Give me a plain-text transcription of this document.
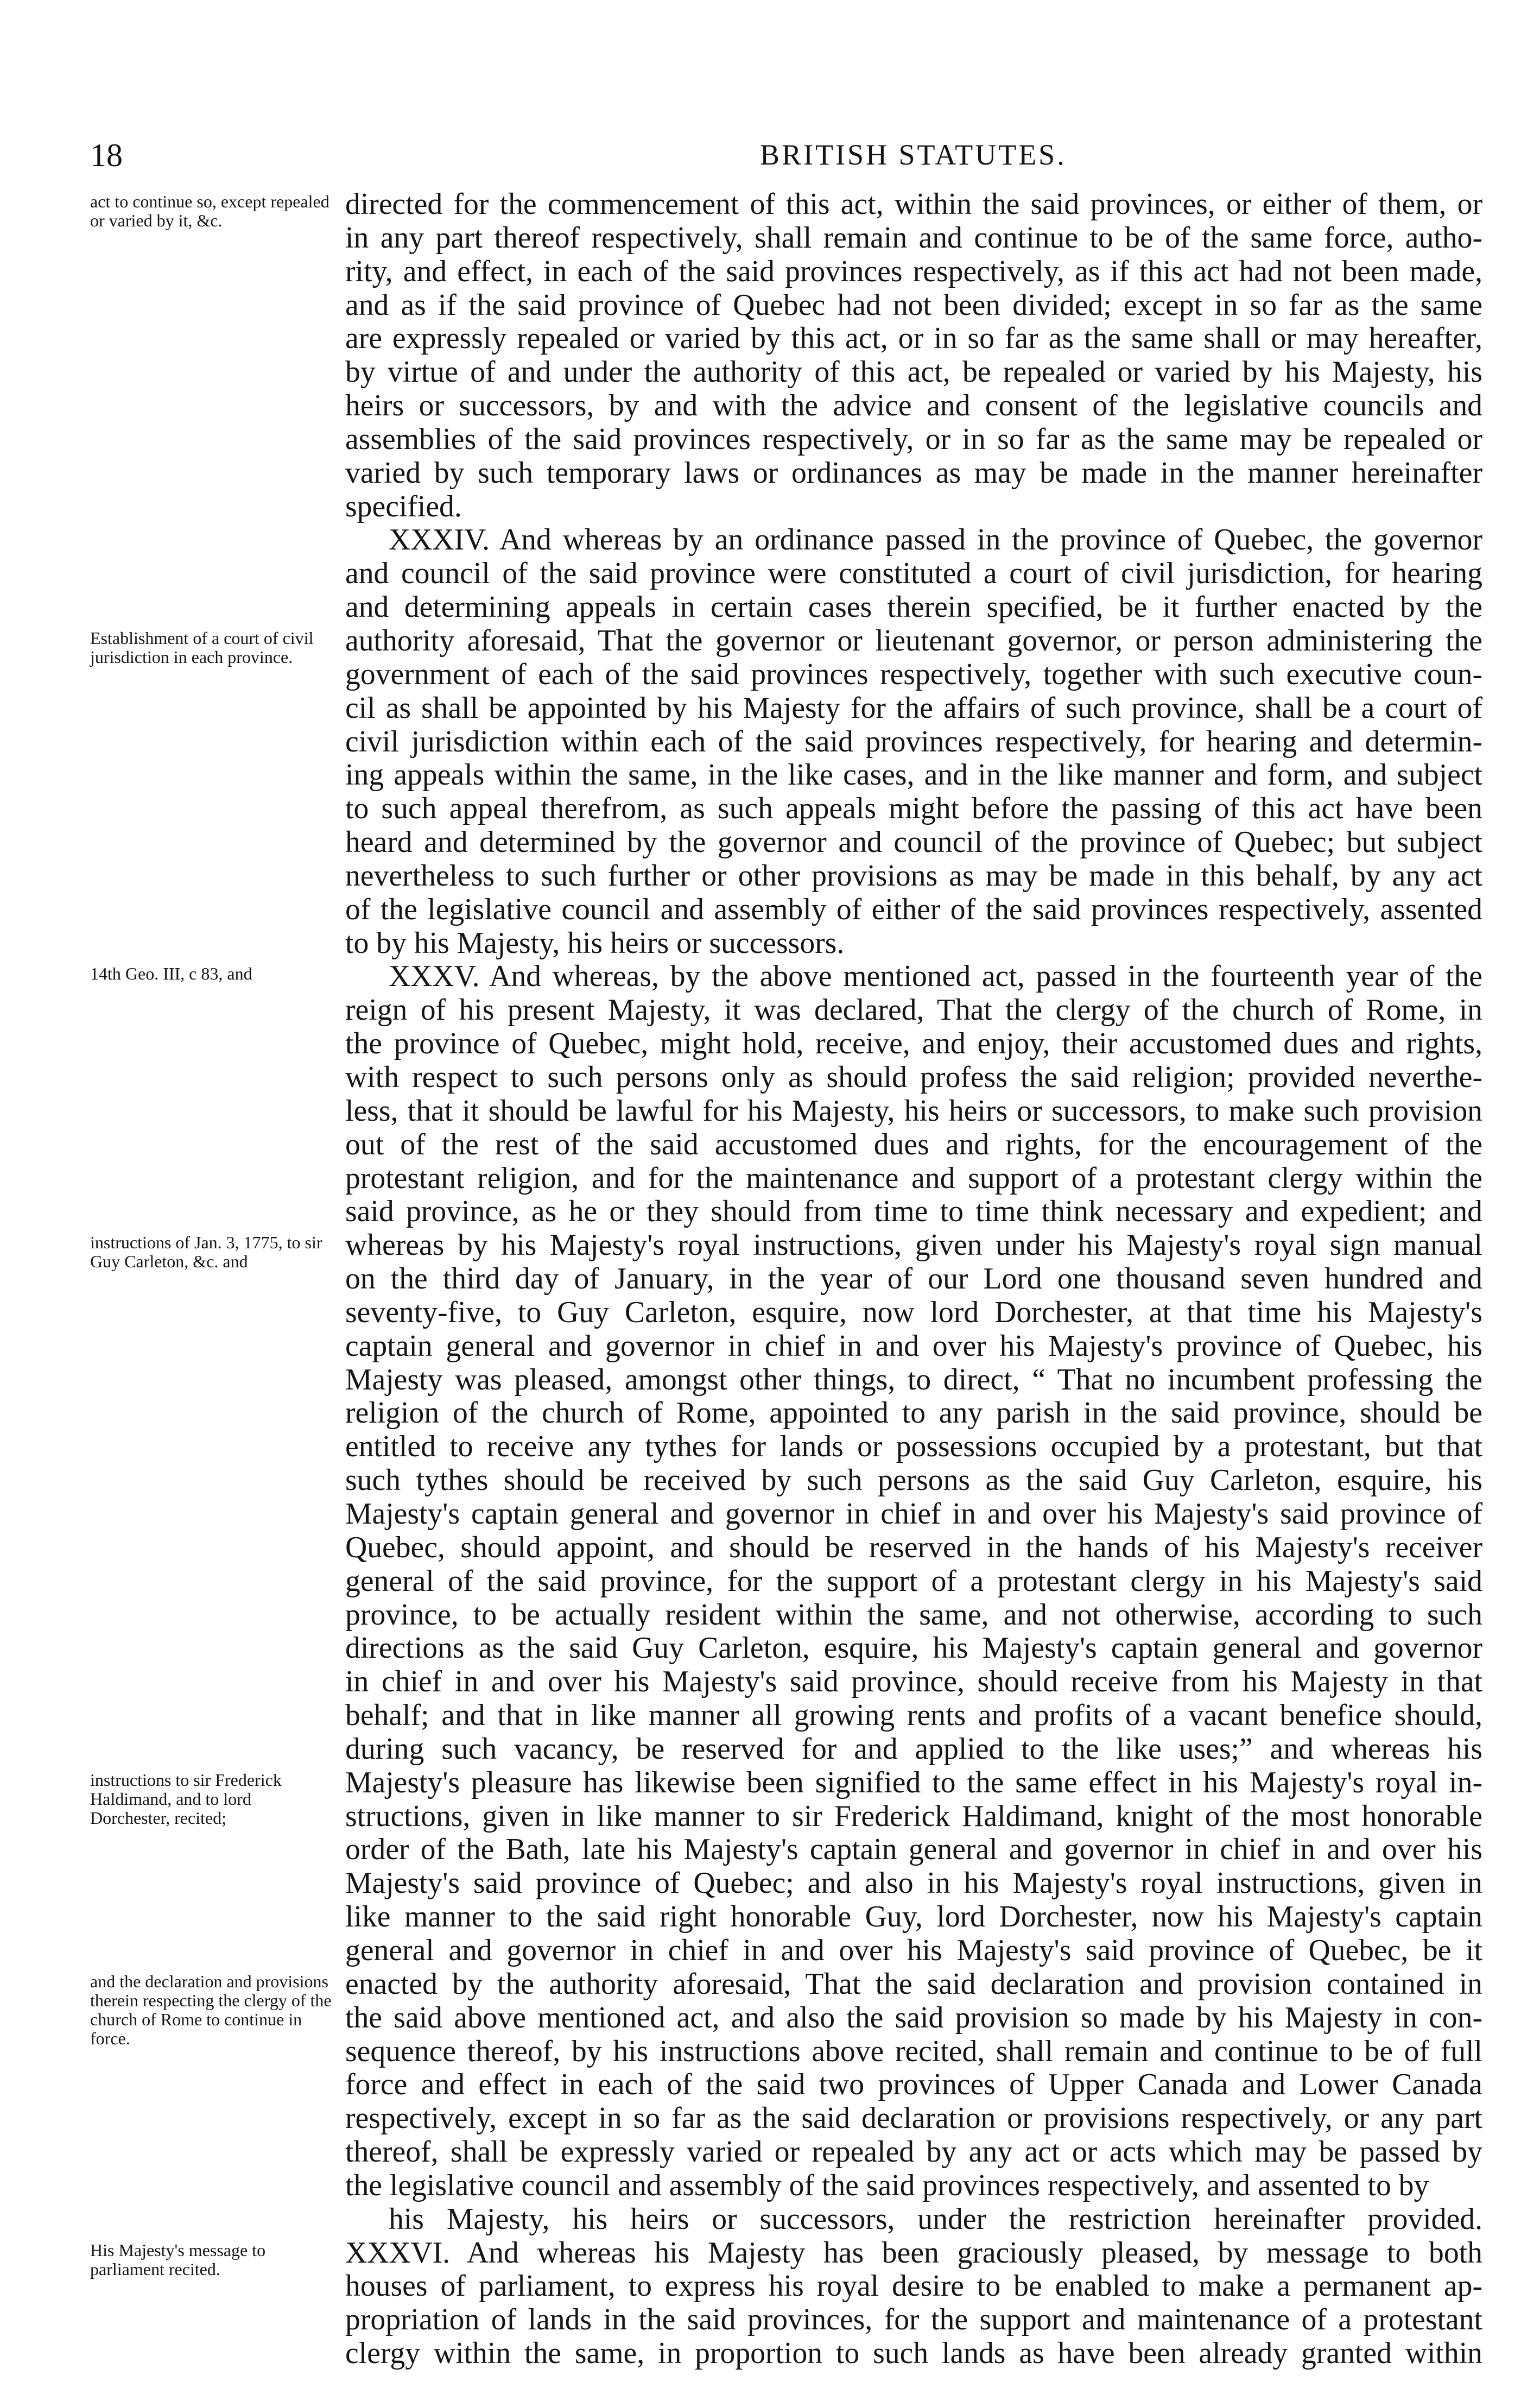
18	BRITISH STATUTES.
act to continue so, except repealed or varied by it, &c.
Establishment of a court of civil jurisdiction in each province.
14th Geo. III, c 83, and
instructions of Jan. 3, 1775, to sir Guy Carleton, &c. and
instructions to sir Frederick Haldimand, and to lord Dorchester, recited;
and the declaration and provisions therein respecting the clergy of the church of Rome to continue in force.
His Majesty's message to parliament recited.
directed for the commencement of this act, within the said provinces, or either of them, or
in any part thereof respectively, shall remain and continue to be of the same force, autho-
rity, and effect, in each of the said provinces respectively, as if this act had not been made,
and as if the said province of Quebec had not been divided; except in so far as the same
are expressly repealed or varied by this act, or in so far as the same shall or may hereafter,
by virtue of and under the authority of this act, be repealed or varied by his Majesty, his
heirs or successors, by and with the advice and consent of the legislative councils and
assemblies of the said provinces respectively, or in so far as the same may be repealed or
varied by such temporary laws or ordinances as may be made in the manner hereinafter
specified.
XXXIV. And whereas by an ordinance passed in the province of Quebec, the governor
and council of the said province were constituted a court of civil jurisdiction, for hearing
and determining appeals in certain cases therein specified, be it further enacted by the
authority aforesaid, That the governor or lieutenant governor, or person administering the
government of each of the said provinces respectively, together with such executive coun-
cil as shall be appointed by his Majesty for the affairs of such province, shall be a court of
civil jurisdiction within each of the said provinces respectively, for hearing and determin-
ing appeals within the same, in the like cases, and in the like manner and form, and subject
to such appeal therefrom, as such appeals might before the passing of this act have been
heard and determined by the governor and council of the province of Quebec; but subject
nevertheless to such further or other provisions as may be made in this behalf, by any act
of the legislative council and assembly of either of the said provinces respectively, assented
to by his Majesty, his heirs or successors.
XXXV. And whereas, by the above mentioned act, passed in the fourteenth year of the
reign of his present Majesty, it was declared, That the clergy of the church of Rome, in
the province of Quebec, might hold, receive, and enjoy, their accustomed dues and rights,
with respect to such persons only as should profess the said religion; provided neverthe-
less, that it should be lawful for his Majesty, his heirs or successors, to make such provision
out of the rest of the said accustomed dues and rights, for the encouragement of the
protestant religion, and for the maintenance and support of a protestant clergy within the
said province, as he or they should from time to time think necessary and expedient; and
whereas by his Majesty's royal instructions, given under his Majesty's royal sign manual
on the third day of January, in the year of our Lord one thousand seven hundred and
seventy-five, to Guy Carleton, esquire, now lord Dorchester, at that time his Majesty's
captain general and governor in chief in and over his Majesty's province of Quebec, his
Majesty was pleased, amongst other things, to direct, “ That no incumbent professing the
religion of the church of Rome, appointed to any parish in the said province, should be
entitled to receive any tythes for lands or possessions occupied by a protestant, but that
such tythes should be received by such persons as the said Guy Carleton, esquire, his
Majesty's captain general and governor in chief in and over his Majesty's said province of
Quebec, should appoint, and should be reserved in the hands of his Majesty's receiver
general of the said province, for the support of a protestant clergy in his Majesty's said
province, to be actually resident within the same, and not otherwise, according to such
directions as the said Guy Carleton, esquire, his Majesty's captain general and governor
in chief in and over his Majesty's said province, should receive from his Majesty in that
behalf; and that in like manner all growing rents and profits of a vacant benefice should,
during such vacancy, be reserved for and applied to the like uses;” and whereas his
Majesty's pleasure has likewise been signified to the same effect in his Majesty's royal in-
structions, given in like manner to sir Frederick Haldimand, knight of the most honorable
order of the Bath, late his Majesty's captain general and governor in chief in and over his
Majesty's said province of Quebec; and also in his Majesty's royal instructions, given in
like manner to the said right honorable Guy, lord Dorchester, now his Majesty's captain
general and governor in chief in and over his Majesty's said province of Quebec, be it
enacted by the authority aforesaid, That the said declaration and provision contained in
the said above mentioned act, and also the said provision so made by his Majesty in con-
sequence thereof, by his instructions above recited, shall remain and continue to be of full
force and effect in each of the said two provinces of Upper Canada and Lower Canada
respectively, except in so far as the said declaration or provisions respectively, or any part
thereof, shall be expressly varied or repealed by any act or acts which may be passed by
the legislative council and assembly of the said provinces respectively, and assented to by
his Majesty, his heirs or successors, under the restriction hereinafter provided.
XXXVI. And whereas his Majesty has been graciously pleased, by message to both
houses of parliament, to express his royal desire to be enabled to make a permanent ap-
propriation of lands in the said provinces, for the support and maintenance of a protestant
clergy within the same, in proportion to such lands as have been already granted within
